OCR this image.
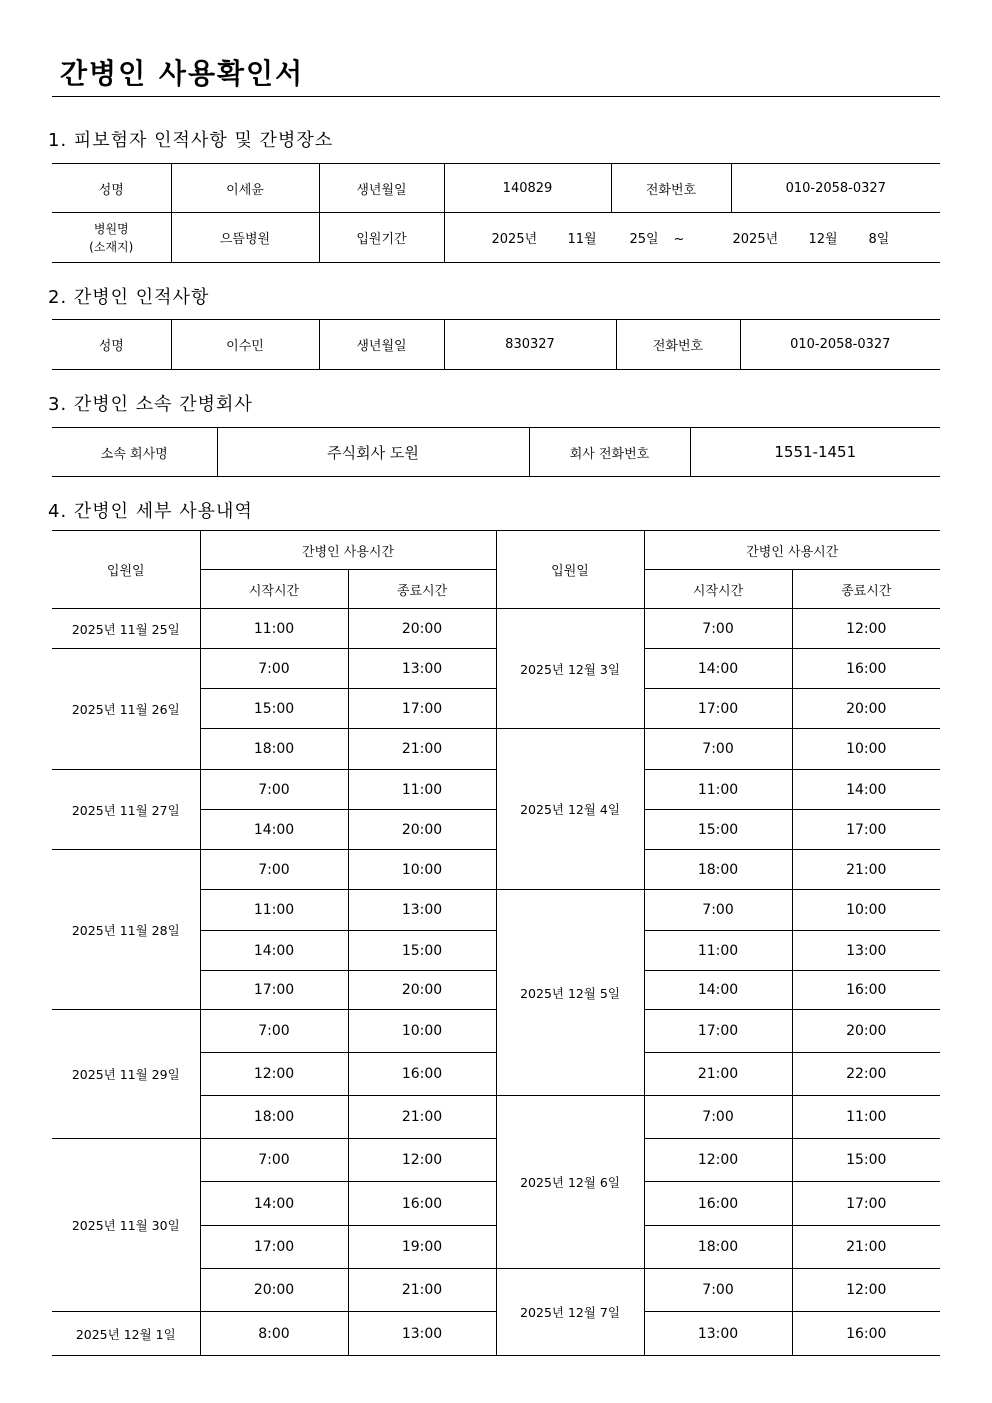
간병인 사용확인서
1. 피보험자 인적사항 및 간병장소
성명	이세윤	생년월일	140829	전화번호	010-2058-0327

병원명
(소재지)	으뜸병원	입원기간	2025년 11월 25일 ~ 2025년 12월 8일		
2. 간병인 인적사항
성명	이수민	생년월일	830327	전화번호	010-2058-0327
3. 간병인 소속 간병회사
소속 회사명	주식회사 도원	회사 전화번호	1551-1451
4. 간병인 세부 사용내역
입원일	간병인 사용시간		입원일	간병인 사용시간	
	시작시간	종료시간		시작시간	종료시간
2025년 11월 25일	11:00	20:00	2025년 12월 3일	7:00	12:00
2025년 11월 26일	7:00	13:00		14:00	16:00
	15:00	17:00		17:00	20:00
	18:00	21:00	2025년 12월 4일	7:00	10:00
2025년 11월 27일	7:00	11:00		11:00	14:00
	14:00	20:00		15:00	17:00
2025년 11월 28일	7:00	10:00		18:00	21:00
	11:00	13:00	2025년 12월 5일	7:00	10:00
	14:00	15:00		11:00	13:00
	17:00	20:00		14:00	16:00
2025년 11월 29일	7:00	10:00		17:00	20:00
	12:00	16:00		21:00	22:00
	18:00	21:00	2025년 12월 6일	7:00	11:00
2025년 11월 30일	7:00	12:00		12:00	15:00
	14:00	16:00		16:00	17:00
	17:00	19:00		18:00	21:00
	20:00	21:00	2025년 12월 7일	7:00	12:00
2025년 12월 1일	8:00	13:00		13:00	16:00
